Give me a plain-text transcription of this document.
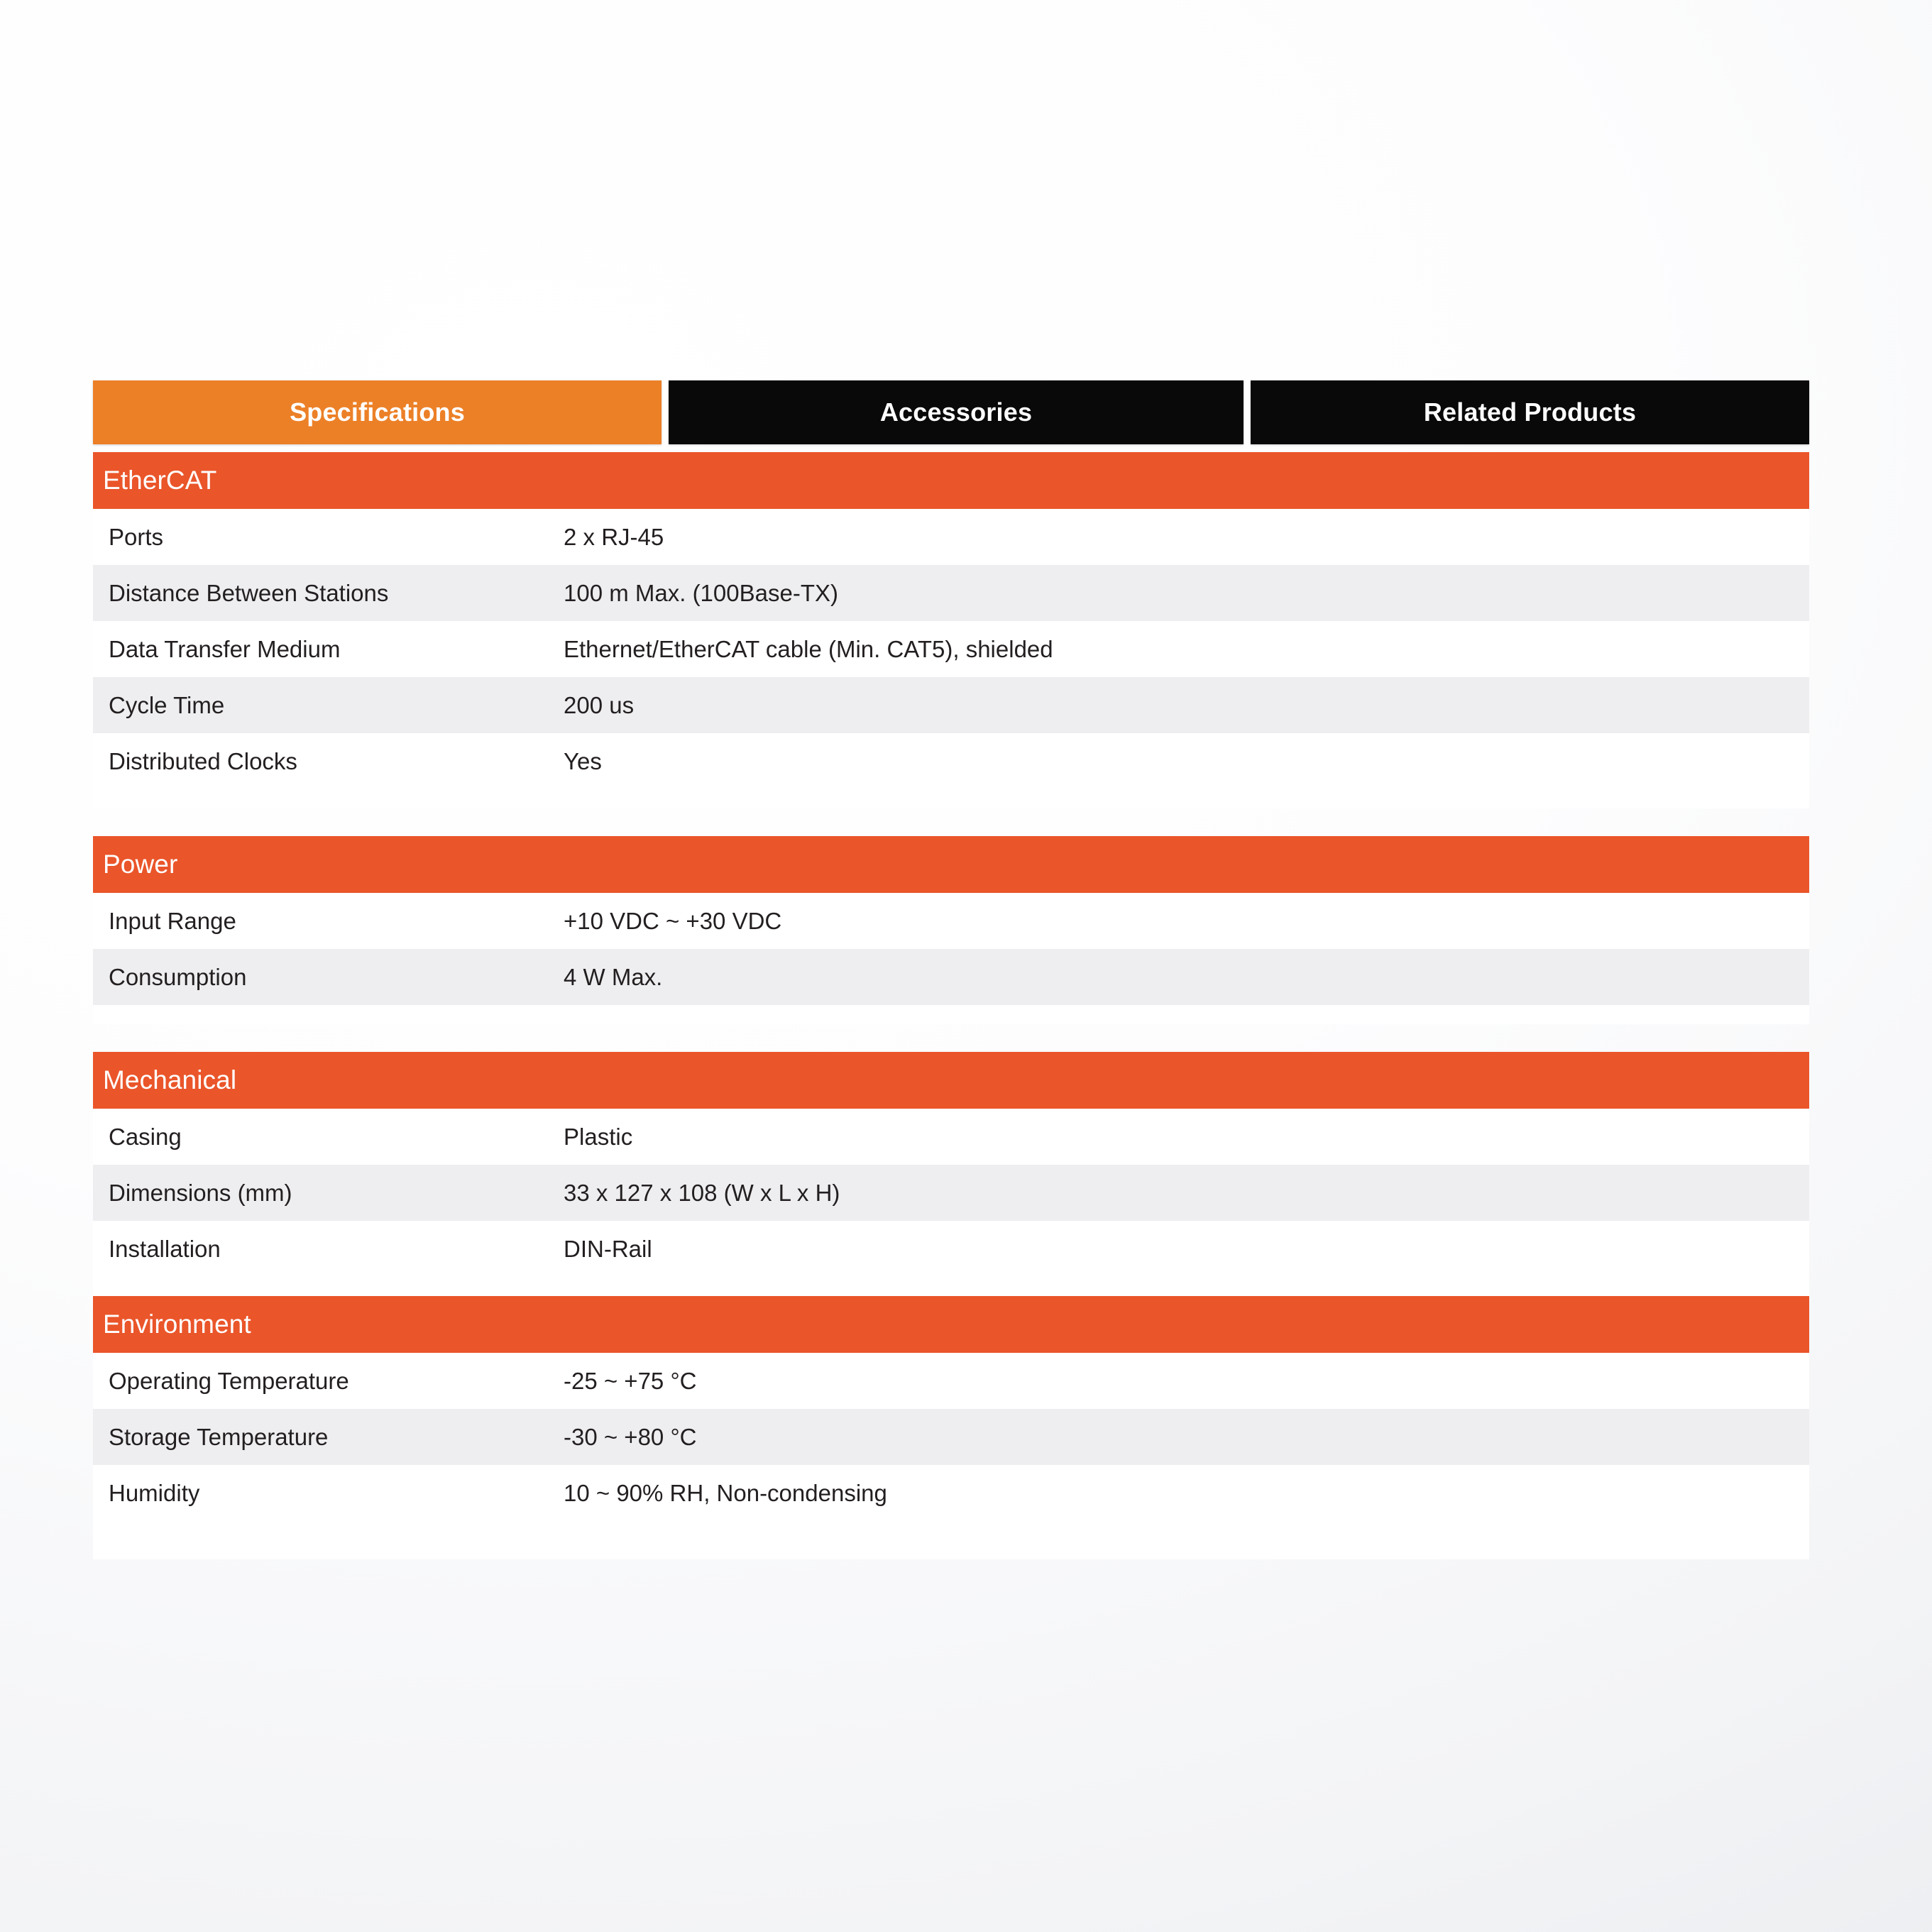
Specifications	Accessories	Related Products
EtherCAT
Ports	2 x RJ-45
Distance Between Stations	100 m Max. (100Base-TX)
Data Transfer Medium	Ethernet/EtherCAT cable (Min. CAT5), shielded
Cycle Time	200 us
Distributed Clocks	Yes
Power
Input Range	+10 VDC ~ +30 VDC
Consumption	4 W Max.
Mechanical
Casing	Plastic
Dimensions (mm)	33 x 127 x 108 (W x L x H)
Installation	DIN-Rail
Environment
Operating Temperature	-25 ~ +75 °C
Storage Temperature	-30 ~ +80 °C
Humidity	10 ~ 90% RH, Non-condensing
